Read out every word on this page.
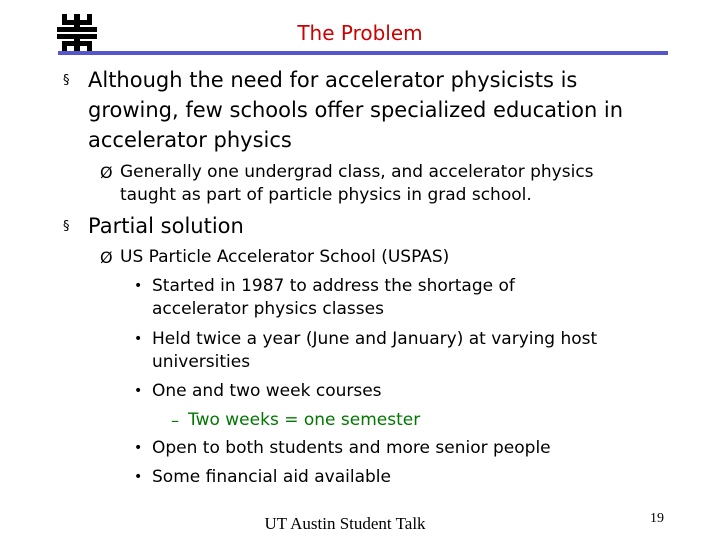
The Problem
§ Although the need for accelerator physicists is
growing, few schools offer specialized education in
accelerator physics
Ø Generally one undergrad class, and accelerator physics
taught as part of particle physics in grad school.
§ Partial solution
Ø US Particle Accelerator School (USPAS)
• Started in 1987 to address the shortage of
accelerator physics classes
• Held twice a year (June and January) at varying host
universities
• One and two week courses
– Two weeks = one semester
• Open to both students and more senior people
• Some financial aid available
UT Austin Student Talk	19
